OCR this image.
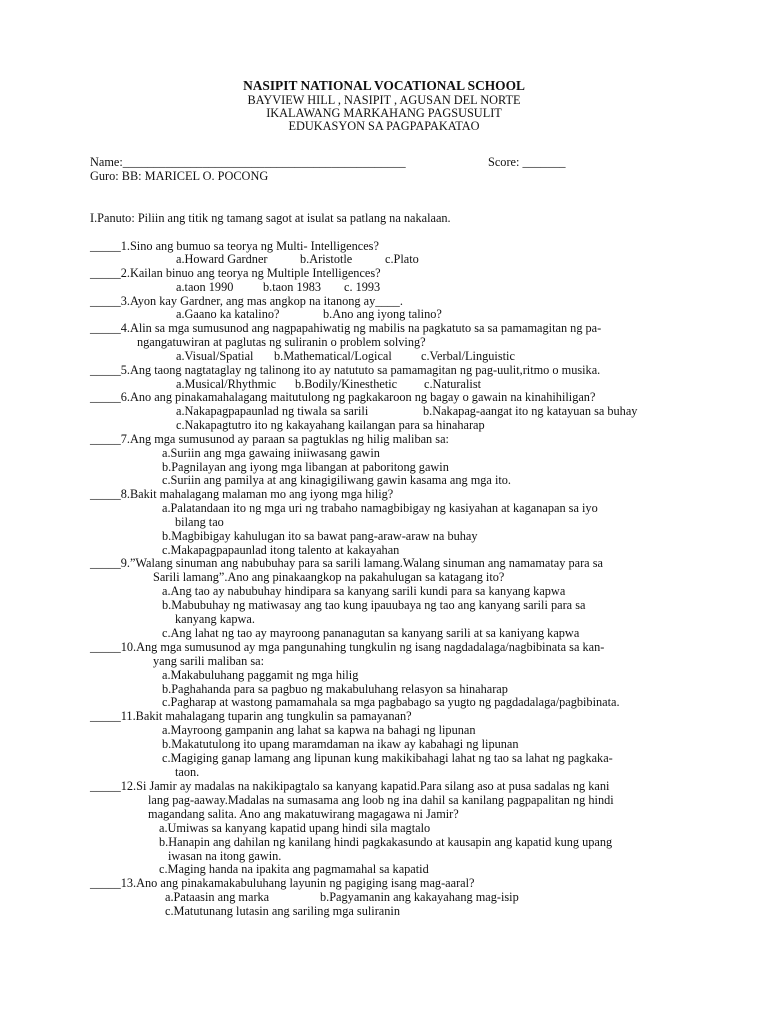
NASIPIT NATIONAL VOCATIONAL SCHOOL
BAYVIEW HILL , NASIPIT , AGUSAN DEL NORTE
IKALAWANG MARKAHANG PAGSUSULIT
EDUKASYON SA PAGPAPAKATAO
Name:______________________________________________	Score: _______
Guro: BB: MARICEL O. POCONG
I.Panuto: Piliin ang titik ng tamang sagot at isulat sa patlang na nakalaan.
_____1.Sino ang bumuo sa teorya ng Multi- Intelligences?
a.Howard Gardner	b.Aristotle	c.Plato
_____2.Kailan binuo ang teorya ng Multiple Intelligences?
a.taon 1990 b.taon 1983 c. 1993
_____3.Ayon kay Gardner, ang mas angkop na itanong ay____.
a.Gaano ka katalino?	b.Ano ang iyong talino?
_____4.Alin sa mga sumusunod ang nagpapahiwatig ng mabilis na pagkatuto sa sa pamamagitan ng pa-
ngangatuwiran at paglutas ng suliranin o problem solving?
a.Visual/Spatial b.Mathematical/Logical c.Verbal/Linguistic
_____5.Ang taong nagtataglay ng talinong ito ay natututo sa pamamagitan ng pag-uulit,ritmo o musika.
a.Musical/Rhythmic b.Bodily/Kinesthetic c.Naturalist
_____6.Ano ang pinakamahalagang maitutulong ng pagkakaroon ng bagay o gawain na kinahihiligan?
a.Nakapagpapaunlad ng tiwala sa sarili	b.Nakapag-aangat ito ng katayuan sa buhay
c.Nakapagtutro ito ng kakayahang kailangan para sa hinaharap
_____7.Ang mga sumusunod ay paraan sa pagtuklas ng hilig maliban sa:
a.Suriin ang mga gawaing iniiwasang gawin
b.Pagnilayan ang iyong mga libangan at paboritong gawin
c.Suriin ang pamilya at ang kinagigiliwang gawin kasama ang mga ito.
_____8.Bakit mahalagang malaman mo ang iyong mga hilig?
a.Palatandaan ito ng mga uri ng trabaho namagbibigay ng kasiyahan at kaganapan sa iyo
bilang tao
b.Magbibigay kahulugan ito sa bawat pang-araw-araw na buhay
c.Makapagpapaunlad itong talento at kakayahan
_____9.”Walang sinuman ang nabubuhay para sa sarili lamang.Walang sinuman ang namamatay para sa
Sarili lamang”.Ano ang pinakaangkop na pakahulugan sa katagang ito?
a.Ang tao ay nabubuhay hindipara sa kanyang sarili kundi para sa kanyang kapwa
b.Mabubuhay ng matiwasay ang tao kung ipauubaya ng tao ang kanyang sarili para sa
kanyang kapwa.
c.Ang lahat ng tao ay mayroong pananagutan sa kanyang sarili at sa kaniyang kapwa
_____10.Ang mga sumusunod ay mga pangunahing tungkulin ng isang nagdadalaga/nagbibinata sa kan-
yang sarili maliban sa:
a.Makabuluhang paggamit ng mga hilig
b.Paghahanda para sa pagbuo ng makabuluhang relasyon sa hinaharap
c.Pagharap at wastong pamamahala sa mga pagbabago sa yugto ng pagdadalaga/pagbibinata.
_____11.Bakit mahalagang tuparin ang tungkulin sa pamayanan?
a.Mayroong gampanin ang lahat sa kapwa na bahagi ng lipunan
b.Makatutulong ito upang maramdaman na ikaw ay kabahagi ng lipunan
c.Magiging ganap lamang ang lipunan kung makikibahagi lahat ng tao sa lahat ng pagkaka-
taon.
_____12.Si Jamir ay madalas na nakikipagtalo sa kanyang kapatid.Para silang aso at pusa sadalas ng kani
lang pag-aaway.Madalas na sumasama ang loob ng ina dahil sa kanilang pagpapalitan ng hindi
magandang salita. Ano ang makatuwirang magagawa ni Jamir?
a.Umiwas sa kanyang kapatid upang hindi sila magtalo
b.Hanapin ang dahilan ng kanilang hindi pagkakasundo at kausapin ang kapatid kung upang
iwasan na itong gawin.
c.Maging handa na ipakita ang pagmamahal sa kapatid
_____13.Ano ang pinakamakabuluhang layunin ng pagiging isang mag-aaral?
a.Pataasin ang marka	b.Pagyamanin ang kakayahang mag-isip
c.Matutunang lutasin ang sariling mga suliranin
